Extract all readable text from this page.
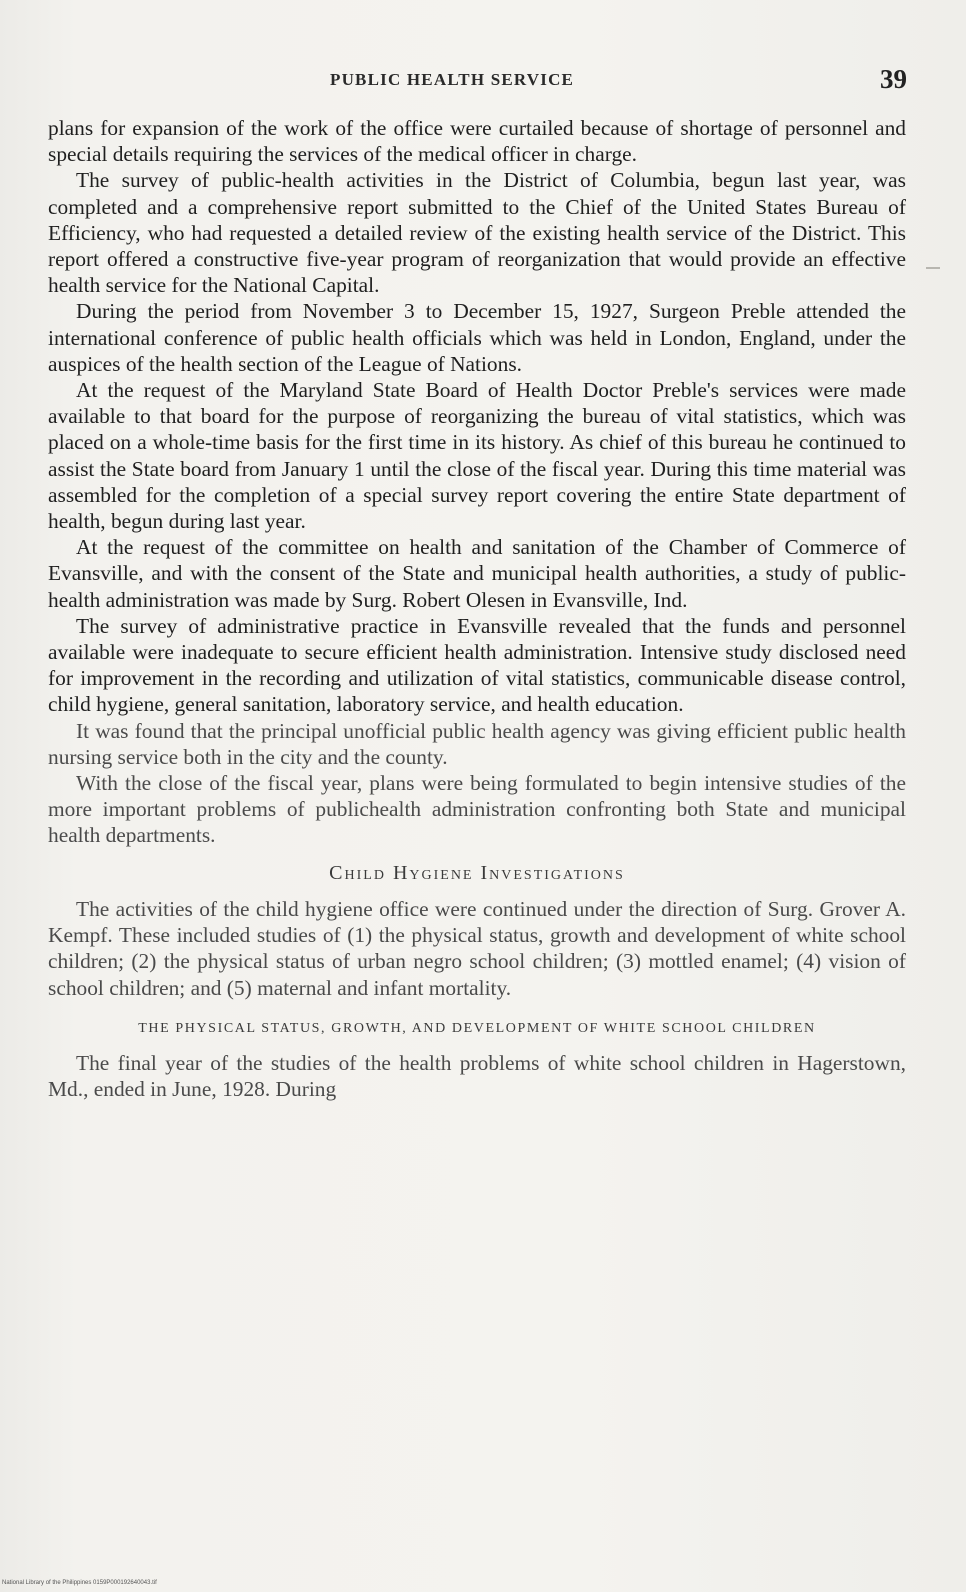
PUBLIC HEALTH SERVICE	39

plans for expansion of the work of the office were curtailed because of shortage of personnel and special details requiring the services of the medical officer in charge.

The survey of public-health activities in the District of Columbia, begun last year, was completed and a comprehensive report submitted to the Chief of the United States Bureau of Efficiency, who had requested a detailed review of the existing health service of the District. This report offered a constructive five-year program of reorganization that would provide an effective health service for the National Capital.

During the period from November 3 to December 15, 1927, Surgeon Preble attended the international conference of public health officials which was held in London, England, under the auspices of the health section of the League of Nations.

At the request of the Maryland State Board of Health Doctor Preble's services were made available to that board for the purpose of reorganizing the bureau of vital statistics, which was placed on a whole-time basis for the first time in its history. As chief of this bureau he continued to assist the State board from January 1 until the close of the fiscal year. During this time material was assembled for the completion of a special survey report covering the entire State department of health, begun during last year.

At the request of the committee on health and sanitation of the Chamber of Commerce of Evansville, and with the consent of the State and municipal health authorities, a study of public-health administration was made by Surg. Robert Olesen in Evansville, Ind.

The survey of administrative practice in Evansville revealed that the funds and personnel available were inadequate to secure efficient health administration. Intensive study disclosed need for improvement in the recording and utilization of vital statistics, communicable disease control, child hygiene, general sanitation, laboratory service, and health education.

It was found that the principal unofficial public health agency was giving efficient public health nursing service both in the city and the county.

With the close of the fiscal year, plans were being formulated to begin intensive studies of the more important problems of publichealth administration confronting both State and municipal health departments.

Child Hygiene Investigations

The activities of the child hygiene office were continued under the direction of Surg. Grover A. Kempf. These included studies of (1) the physical status, growth and development of white school children; (2) the physical status of urban negro school children; (3) mottled enamel; (4) vision of school children; and (5) maternal and infant mortality.

THE PHYSICAL STATUS, GROWTH, AND DEVELOPMENT OF WHITE SCHOOL CHILDREN

The final year of the studies of the health problems of white school children in Hagerstown, Md., ended in June, 1928. During

National Library of the Philippines 0159P000192640043.tif
